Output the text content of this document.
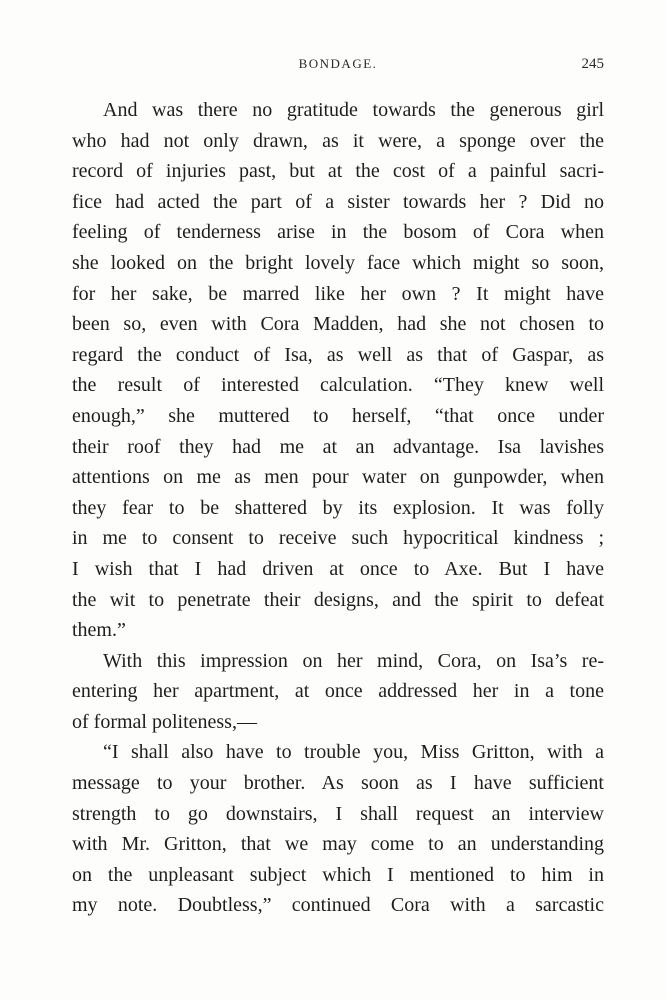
BONDAGE.	245

And was there no gratitude towards the generous girl
who had not only drawn, as it were, a sponge over the
record of injuries past, but at the cost of a painful sacri-
fice had acted the part of a sister towards her ? Did no
feeling of tenderness arise in the bosom of Cora when
she looked on the bright lovely face which might so soon,
for her sake, be marred like her own ? It might have
been so, even with Cora Madden, had she not chosen to
regard the conduct of Isa, as well as that of Gaspar, as
the result of interested calculation. “They knew well
enough,” she muttered to herself, “that once under
their roof they had me at an advantage. Isa lavishes
attentions on me as men pour water on gunpowder, when
they fear to be shattered by its explosion. It was folly
in me to consent to receive such hypocritical kindness ;
I wish that I had driven at once to Axe. But I have
the wit to penetrate their designs, and the spirit to defeat
them.”

With this impression on her mind, Cora, on Isa’s re-
entering her apartment, at once addressed her in a tone
of formal politeness,—

“I shall also have to trouble you, Miss Gritton, with a
message to your brother. As soon as I have sufficient
strength to go downstairs, I shall request an interview
with Mr. Gritton, that we may come to an understanding
on the unpleasant subject which I mentioned to him in
my note. Doubtless,” continued Cora with a sarcastic
